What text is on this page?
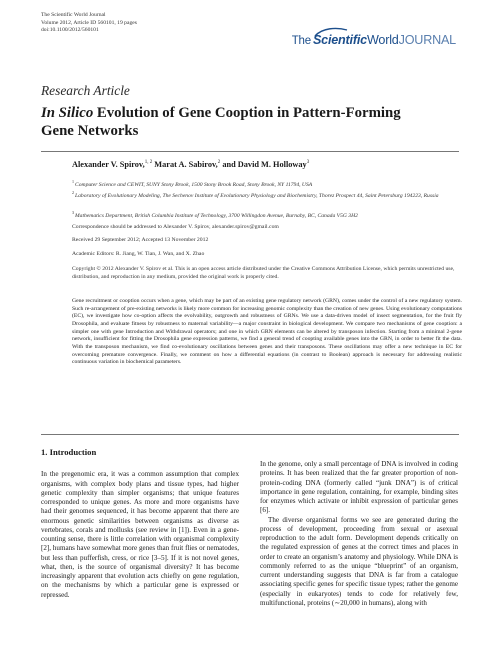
The Scientific World Journal
Volume 2012, Article ID 560101, 19 pages
doi:10.1100/2012/560101
The ScientificWorldJOURNAL
Research Article
In Silico Evolution of Gene Cooption in Pattern-Forming
Gene Networks
Alexander V. Spirov,$^{1, 2}$ Marat A. Sabirov,$^2$ and David M. Holloway$^3$
$^1$Computer Science and CEWIT, SUNY Stony Brook, 1500 Stony Brook Road, Stony Brook, NY 11794, USA
$^2$Laboratory of Evolutionary Modeling, The Sechenov Institute of Evolutionary Physiology and Biochemistry, Thorez Prospect 44, Saint Petersburg 194223, Russia
$^3$Mathematics Department, British Columbia Institute of Technology, 3700 Willingdon Avenue, Burnaby, BC, Canada V5G 3H2
Correspondence should be addressed to Alexander V. Spirov, alexander.spirov@gmail.com
Received 29 September 2012; Accepted 13 November 2012
Academic Editors: R. Jiang, W. Tian, J. Wan, and X. Zhao
Copyright © 2012 Alexander V. Spirov et al. This is an open access article distributed under the Creative Commons Attribution License, which permits unrestricted use, distribution, and reproduction in any medium, provided the original work is properly cited.
Gene recruitment or cooption occurs when a gene, which may be part of an existing gene regulatory network (GRN), comes under the control of a new regulatory system. Such re-arrangement of pre-existing networks is likely more common for increasing genomic complexity than the creation of new genes. Using evolutionary computations (EC), we investigate how co-option affects the evolvability, outgrowth and robustness of GRNs. We use a data-driven model of insect segmentation, for the fruit fly Drosophila, and evaluate fitness by robustness to maternal variability—a major constraint in biological development. We compare two mechanisms of gene cooption: a simpler one with gene Introduction and Withdrawal operators; and one in which GRN elements can be altered by transposon infection. Starting from a minimal 2-gene network, insufficient for fitting the Drosophila gene expression patterns, we find a general trend of coopting available genes into the GRN, in order to better fit the data. With the transposon mechanism, we find co-evolutionary oscillations between genes and their transposons. These oscillations may offer a new technique in EC for overcoming premature convergence. Finally, we comment on how a differential equations (in contrast to Boolean) approach is necessary for addressing realistic continuous variation in biochemical parameters.
1. Introduction

In the pregenomic era, it was a common assumption that complex organisms, with complex body plans and tissue types, had higher genetic complexity than simpler organisms; that unique features corresponded to unique genes. As more and more organisms have had their genomes sequenced, it has become apparent that there are enormous genetic similarities between organisms as diverse as vertebrates, corals and mollusks (see review in [1]). Even in a gene-counting sense, there is little correlation with organismal complexity [2], humans have somewhat more genes than fruit flies or nematodes, but less than pufferfish, cress, or rice [3–5]. If it is not novel genes, what, then, is the source of organismal diversity? It has become increasingly apparent that evolution acts chiefly on gene regulation, on the mechanisms by which a particular gene is expressed or repressed.

In the genome, only a small percentage of DNA is involved in coding proteins. It has been realized that the far greater proportion of non-protein-coding DNA (formerly called “junk DNA”) is of critical importance in gene regulation, containing, for example, binding sites for enzymes which activate or inhibit expression of particular genes [6].

The diverse organismal forms we see are generated during the process of development, proceeding from sexual or asexual reproduction to the adult form. Development depends critically on the regulated expression of genes at the correct times and places in order to create an organism’s anatomy and physiology. While DNA is commonly referred to as the unique “blueprint” of an organism, current understanding suggests that DNA is far from a catalogue associating specific genes for specific tissue types; rather the genome (especially in eukaryotes) tends to code for relatively few, multifunctional, proteins (∼20,000 in humans), along with
